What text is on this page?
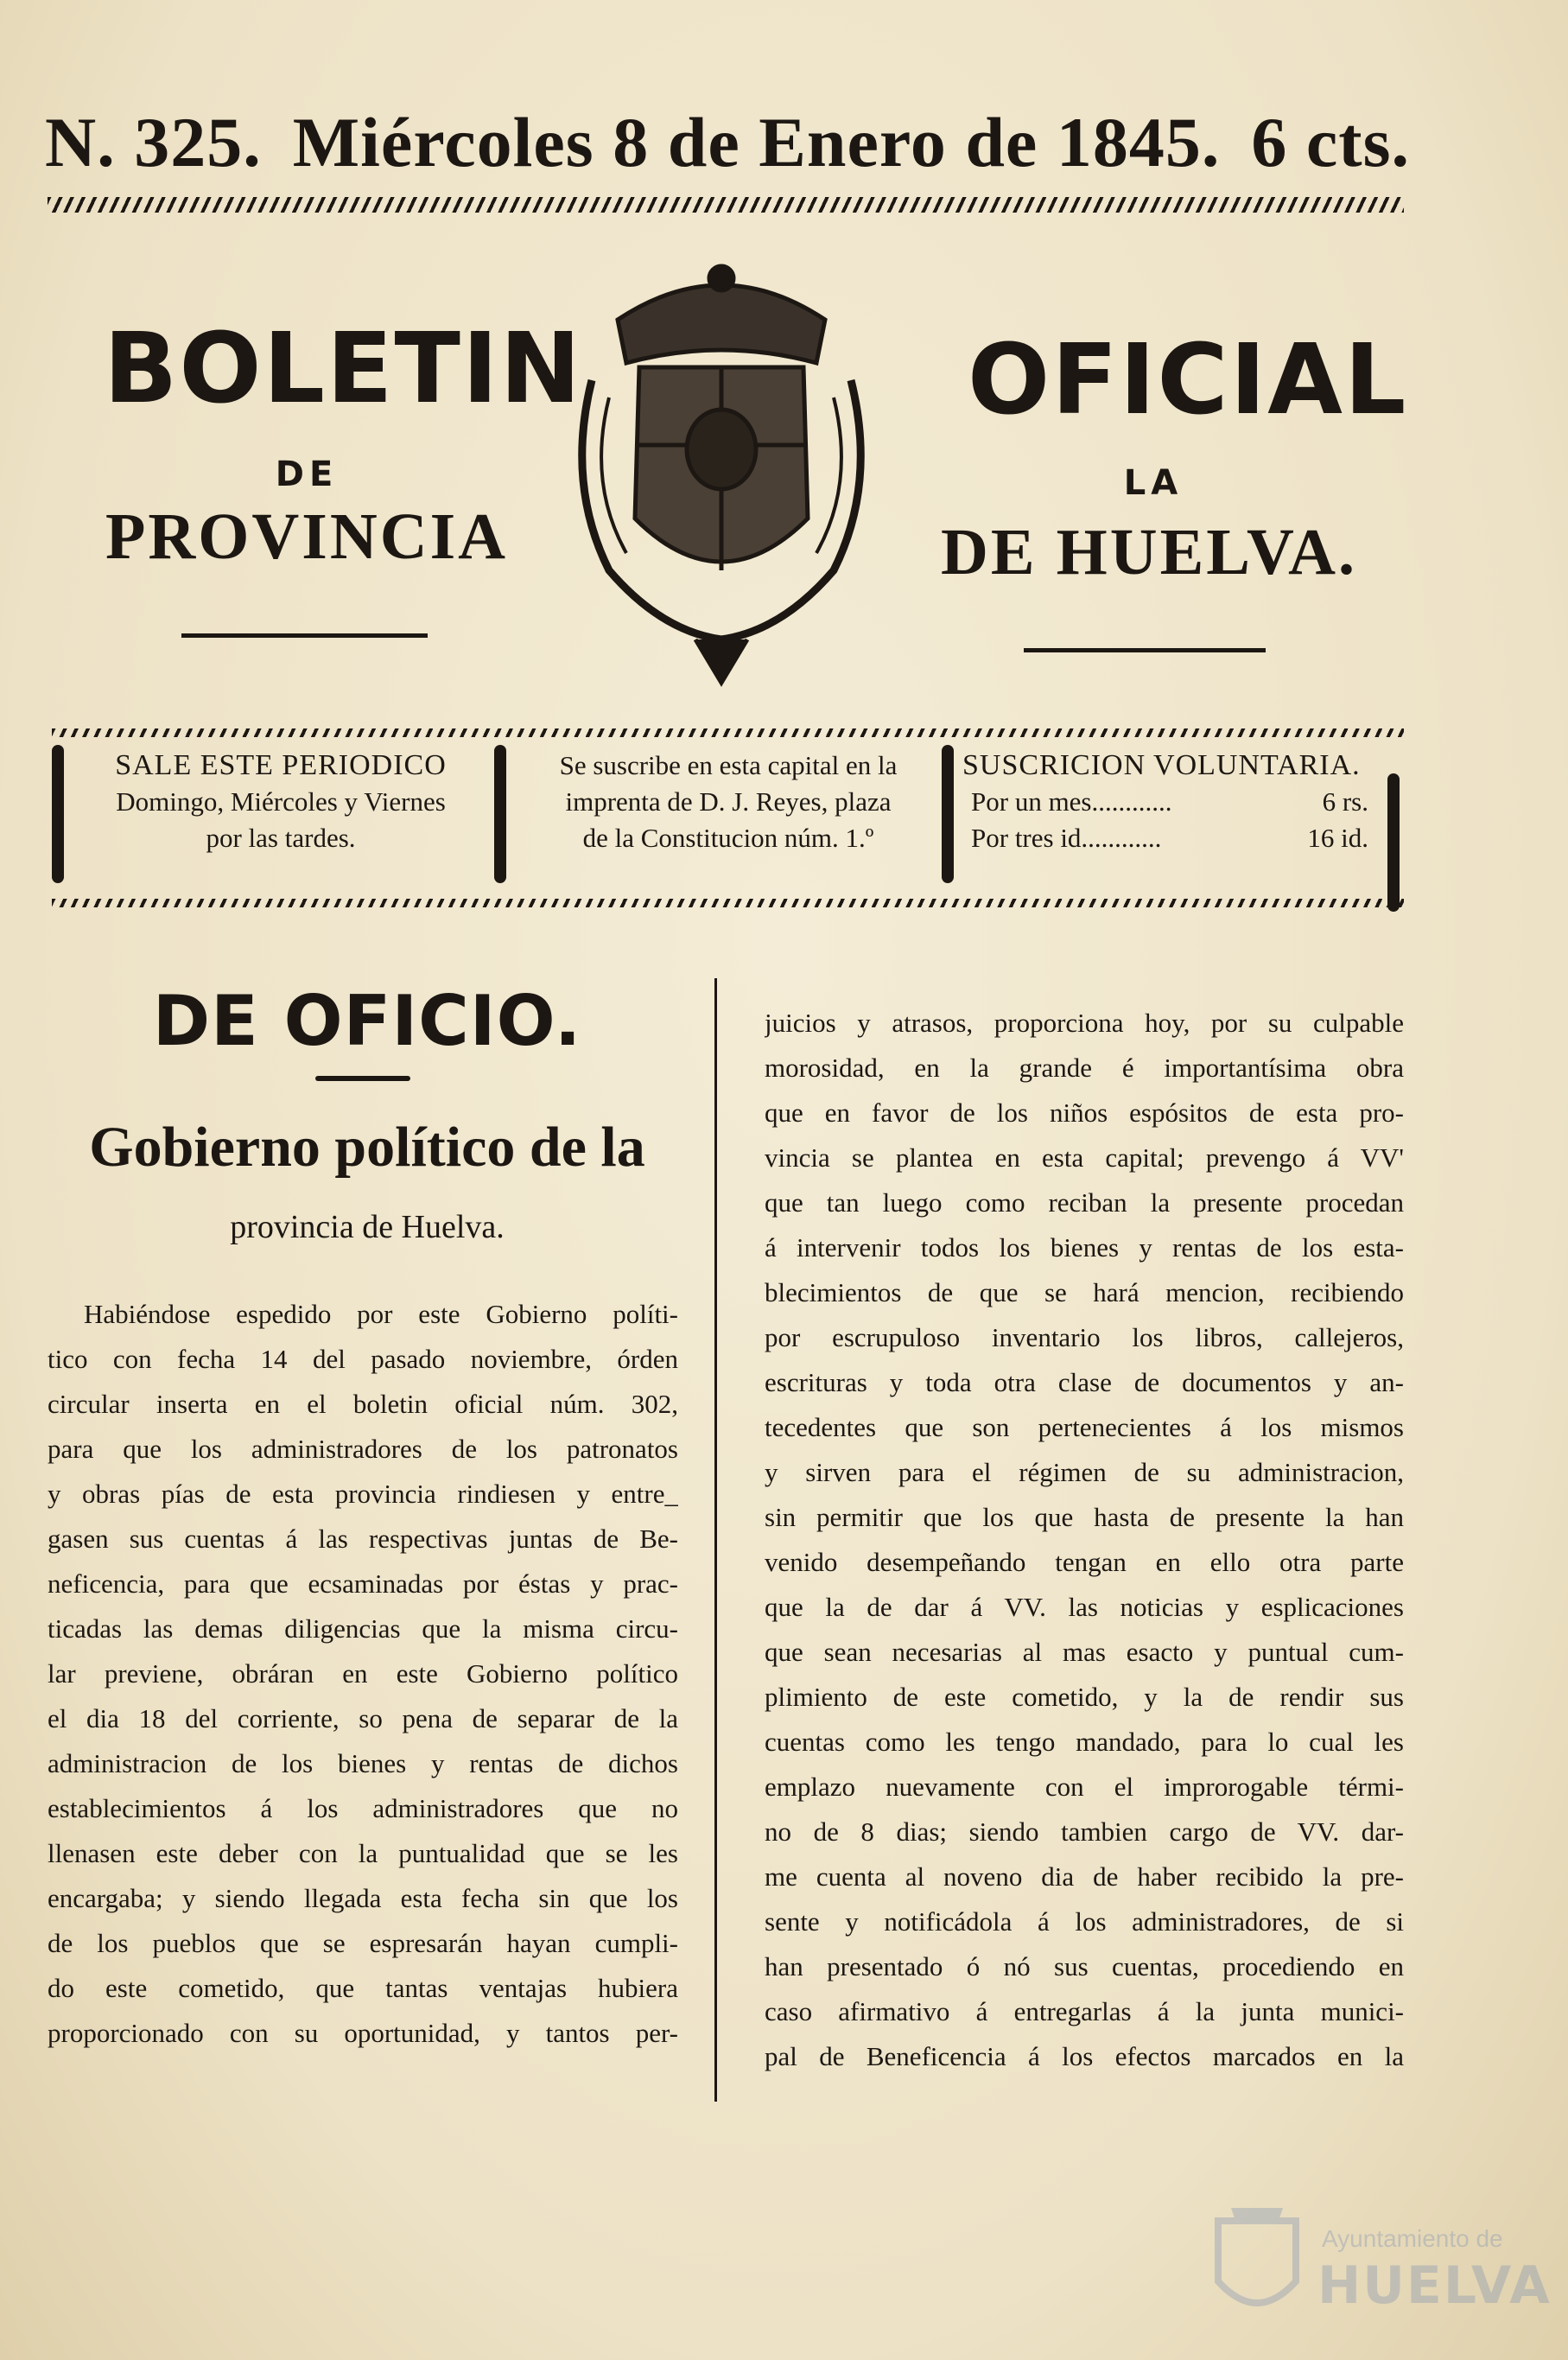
N. 325. Miércoles 8 de Enero de 1845. 6 cts.
BOLETIN
DE
PROVINCIA
OFICIAL
LA
DE HUELVA.
SALE ESTE PERIODICO
Domingo, Miércoles y Viernes
por las tardes.
Se suscribe en esta capital en la
imprenta de D. J. Reyes, plaza
de la Constitucion núm. 1.º
SUSCRICION VOLUNTARIA.
Por un mes............	6 rs.
Por tres id............	16 id.
DE OFICIO.
Gobierno político de la
provincia de Huelva.

Habiéndose espedido por este Gobierno políti-

tico con fecha 14 del pasado noviembre, órden

circular inserta en el boletin oficial núm. 302,

para que los administradores de los patronatos

y obras pías de esta provincia rindiesen y entre_

gasen sus cuentas á las respectivas juntas de Be-

neficencia, para que ecsaminadas por éstas y prac-

ticadas las demas diligencias que la misma circu-

lar previene, obráran en este Gobierno político

el dia 18 del corriente, so pena de separar de la

administracion de los bienes y rentas de dichos

establecimientos á los administradores que no

llenasen este deber con la puntualidad que se les

encargaba; y siendo llegada esta fecha sin que los

de los pueblos que se espresarán hayan cumpli-

do este cometido, que tantas ventajas hubiera

proporcionado con su oportunidad, y tantos per-

juicios y atrasos, proporciona hoy, por su culpable

morosidad, en la grande é importantísima obra

que en favor de los niños espósitos de esta pro-

vincia se plantea en esta capital; prevengo á VV'

que tan luego como reciban la presente procedan

á intervenir todos los bienes y rentas de los esta-

blecimientos de que se hará mencion, recibiendo

por escrupuloso inventario los libros, callejeros,

escrituras y toda otra clase de documentos y an-

tecedentes que son pertenecientes á los mismos

y sirven para el régimen de su administracion,

sin permitir que los que hasta de presente la han

venido desempeñando tengan en ello otra parte

que la de dar á VV. las noticias y esplicaciones

que sean necesarias al mas esacto y puntual cum-

plimiento de este cometido, y la de rendir sus

cuentas como les tengo mandado, para lo cual les

emplazo nuevamente con el improrogable térmi-

no de 8 dias; siendo tambien cargo de VV. dar-

me cuenta al noveno dia de haber recibido la pre-

sente y notificádola á los administradores, de si

han presentado ó nó sus cuentas, procediendo en

caso afirmativo á entregarlas á la junta munici-

pal de Beneficencia á los efectos marcados en la

Ayuntamiento de
HUELVA
